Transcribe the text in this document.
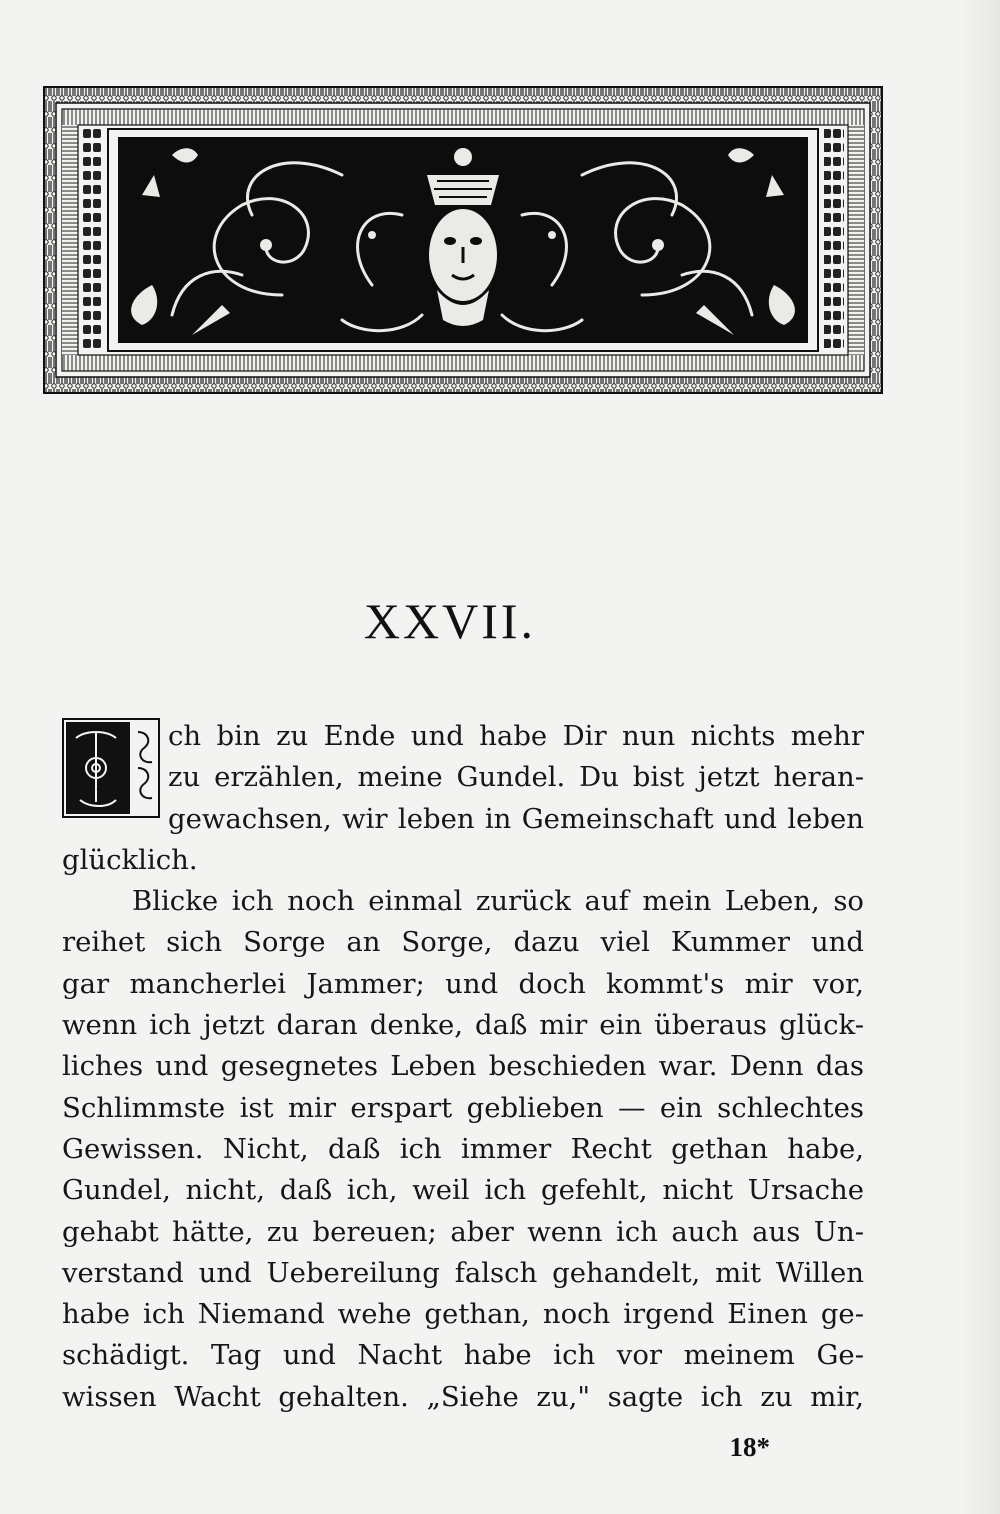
XXVII.
I
ch bin zu Ende und habe Dir nun nichts mehr
zu erzählen, meine Gundel. Du bist jetzt heran-
gewachsen, wir leben in Gemeinschaft und leben
glücklich.
Blicke ich noch einmal zurück auf mein Leben, so
reihet sich Sorge an Sorge, dazu viel Kummer und
gar mancherlei Jammer; und doch kommt's mir vor,
wenn ich jetzt daran denke, daß mir ein überaus glück-
liches und gesegnetes Leben beschieden war. Denn das
Schlimmste ist mir erspart geblieben — ein schlechtes
Gewissen. Nicht, daß ich immer Recht gethan habe,
Gundel, nicht, daß ich, weil ich gefehlt, nicht Ursache
gehabt hätte, zu bereuen; aber wenn ich auch aus Un-
verstand und Uebereilung falsch gehandelt, mit Willen
habe ich Niemand wehe gethan, noch irgend Einen ge-
schädigt. Tag und Nacht habe ich vor meinem Ge-
wissen Wacht gehalten. „Siehe zu," sagte ich zu mir,
18*
